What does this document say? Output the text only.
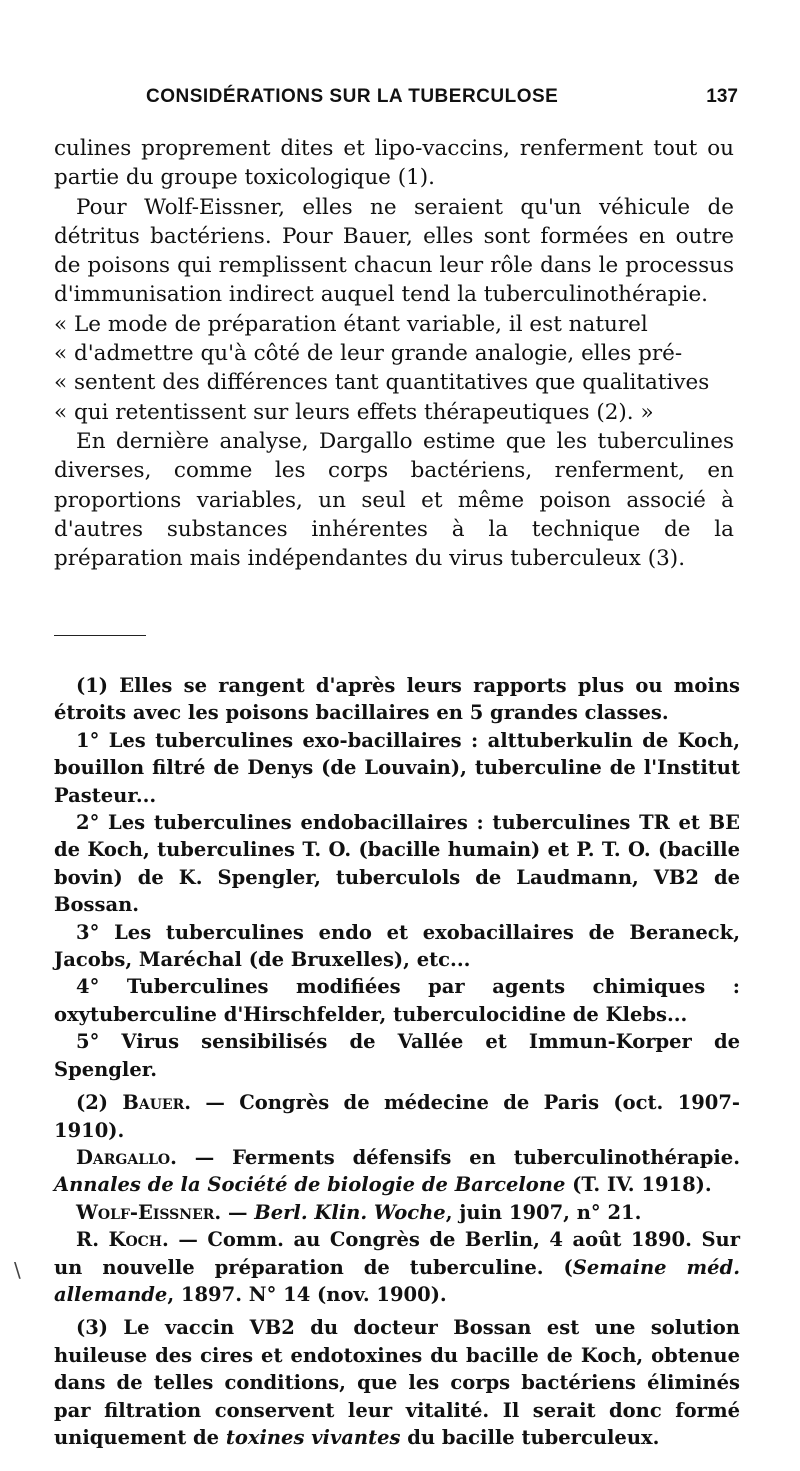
CONSIDÉRATIONS SUR LA TUBERCULOSE	137

culines proprement dites et lipo-vaccins, renferment tout ou partie du groupe toxicologique (1).

Pour Wolf-Eissner, elles ne seraient qu'un véhicule de détritus bactériens. Pour Bauer, elles sont formées en outre de poisons qui remplissent chacun leur rôle dans le processus d'immunisation indirect auquel tend la tuberculinothérapie.

« Le mode de préparation étant variable, il est naturel

« d'admettre qu'à côté de leur grande analogie, elles pré-

« sentent des différences tant quantitatives que qualitatives

« qui retentissent sur leurs effets thérapeutiques (2). »

En dernière analyse, Dargallo estime que les tuberculines diverses, comme les corps bactériens, renferment, en proportions variables, un seul et même poison associé à d'autres substances inhérentes à la technique de la préparation mais indépendantes du virus tuberculeux (3).

(1) Elles se rangent d'après leurs rapports plus ou moins étroits avec les poisons bacillaires en 5 grandes classes.

1° Les tuberculines exo-bacillaires : alttuberkulin de Koch, bouillon filtré de Denys (de Louvain), tuberculine de l'Institut Pasteur...

2° Les tuberculines endobacillaires : tuberculines TR et BE de Koch, tuberculines T. O. (bacille humain) et P. T. O. (bacille bovin) de K. Spengler, tuberculols de Laudmann, VB2 de Bossan.

3° Les tuberculines endo et exobacillaires de Beraneck, Jacobs, Maréchal (de Bruxelles), etc...

4° Tuberculines modifiées par agents chimiques : oxytuberculine d'Hirschfelder, tuberculocidine de Klebs...

5° Virus sensibilisés de Vallée et Immun-Korper de Spengler.

(2) Bauer. — Congrès de médecine de Paris (oct. 1907-1910).

Dargallo. — Ferments défensifs en tuberculinothérapie. Annales de la Société de biologie de Barcelone (T. IV. 1918).

Wolf-Eissner. — Berl. Klin. Woche, juin 1907, n° 21.

R. Koch. — Comm. au Congrès de Berlin, 4 août 1890. Sur un nouvelle préparation de tuberculine. (Semaine méd. allemande, 1897. N° 14 (nov. 1900).

(3) Le vaccin VB2 du docteur Bossan est une solution huileuse des cires et endotoxines du bacille de Koch, obtenue dans de telles conditions, que les corps bactériens éliminés par filtration conservent leur vitalité. Il serait donc formé uniquement de toxines vivantes du bacille tuberculeux.

\
